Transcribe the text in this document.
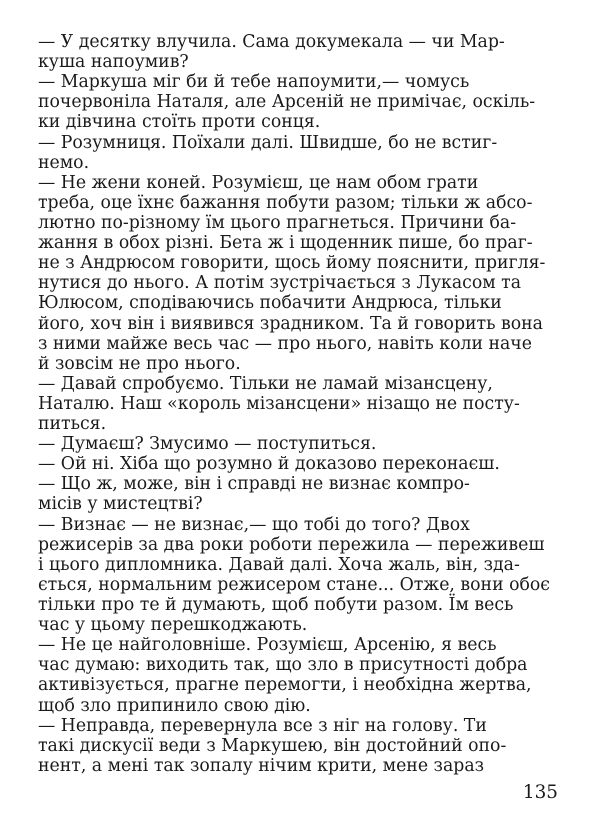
— У десятку влучила. Сама докумекала — чи Мар-
куша напоумив?
— Маркуша міг би й тебе напоумити,— чомусь
почервоніла Наталя, але Арсеній не примічає, оскіль-
ки дівчина стоїть проти сонця.
— Розумниця. Поїхали далі. Швидше, бо не встиг-
немо.
— Не жени коней. Розумієш, це нам обом грати
треба, оце їхнє бажання побути разом; тільки ж абсо-
лютно по-різному їм цього прагнеться. Причини ба-
жання в обох різні. Бета ж і щоденник пише, бо праг-
не з Андрюсом говорити, щось йому пояснити, пригля-
нутися до нього. А потім зустрічається з Лукасом та
Юлюсом, сподіваючись побачити Андрюса, тільки
його, хоч він і виявився зрадником. Та й говорить вона
з ними майже весь час — про нього, навіть коли наче
й зовсім не про нього.
— Давай спробуємо. Тільки не ламай мізансцену,
Наталю. Наш «король мізансцени» нізащо не посту-
питься.
— Думаєш? Змусимо — поступиться.
— Ой ні. Хіба що розумно й доказово переконаєш.
— Що ж, може, він і справді не визнає компро-
місів у мистецтві?
— Визнає — не визнає,— що тобі до того? Двох
режисерів за два роки роботи пережила — переживеш
і цього дипломника. Давай далі. Хоча жаль, він, зда-
ється, нормальним режисером стане... Отже, вони обоє
тільки про те й думають, щоб побути разом. Їм весь
час у цьому перешкоджають.
— Не це найголовніше. Розумієш, Арсенію, я весь
час думаю: виходить так, що зло в присутності добра
активізується, прагне перемогти, і необхідна жертва,
щоб зло припинило свою дію.
— Неправда, перевернула все з ніг на голову. Ти
такі дискусії веди з Маркушею, він достойний опо-
нент, а мені так зопалу нічим крити, мене зараз
135
